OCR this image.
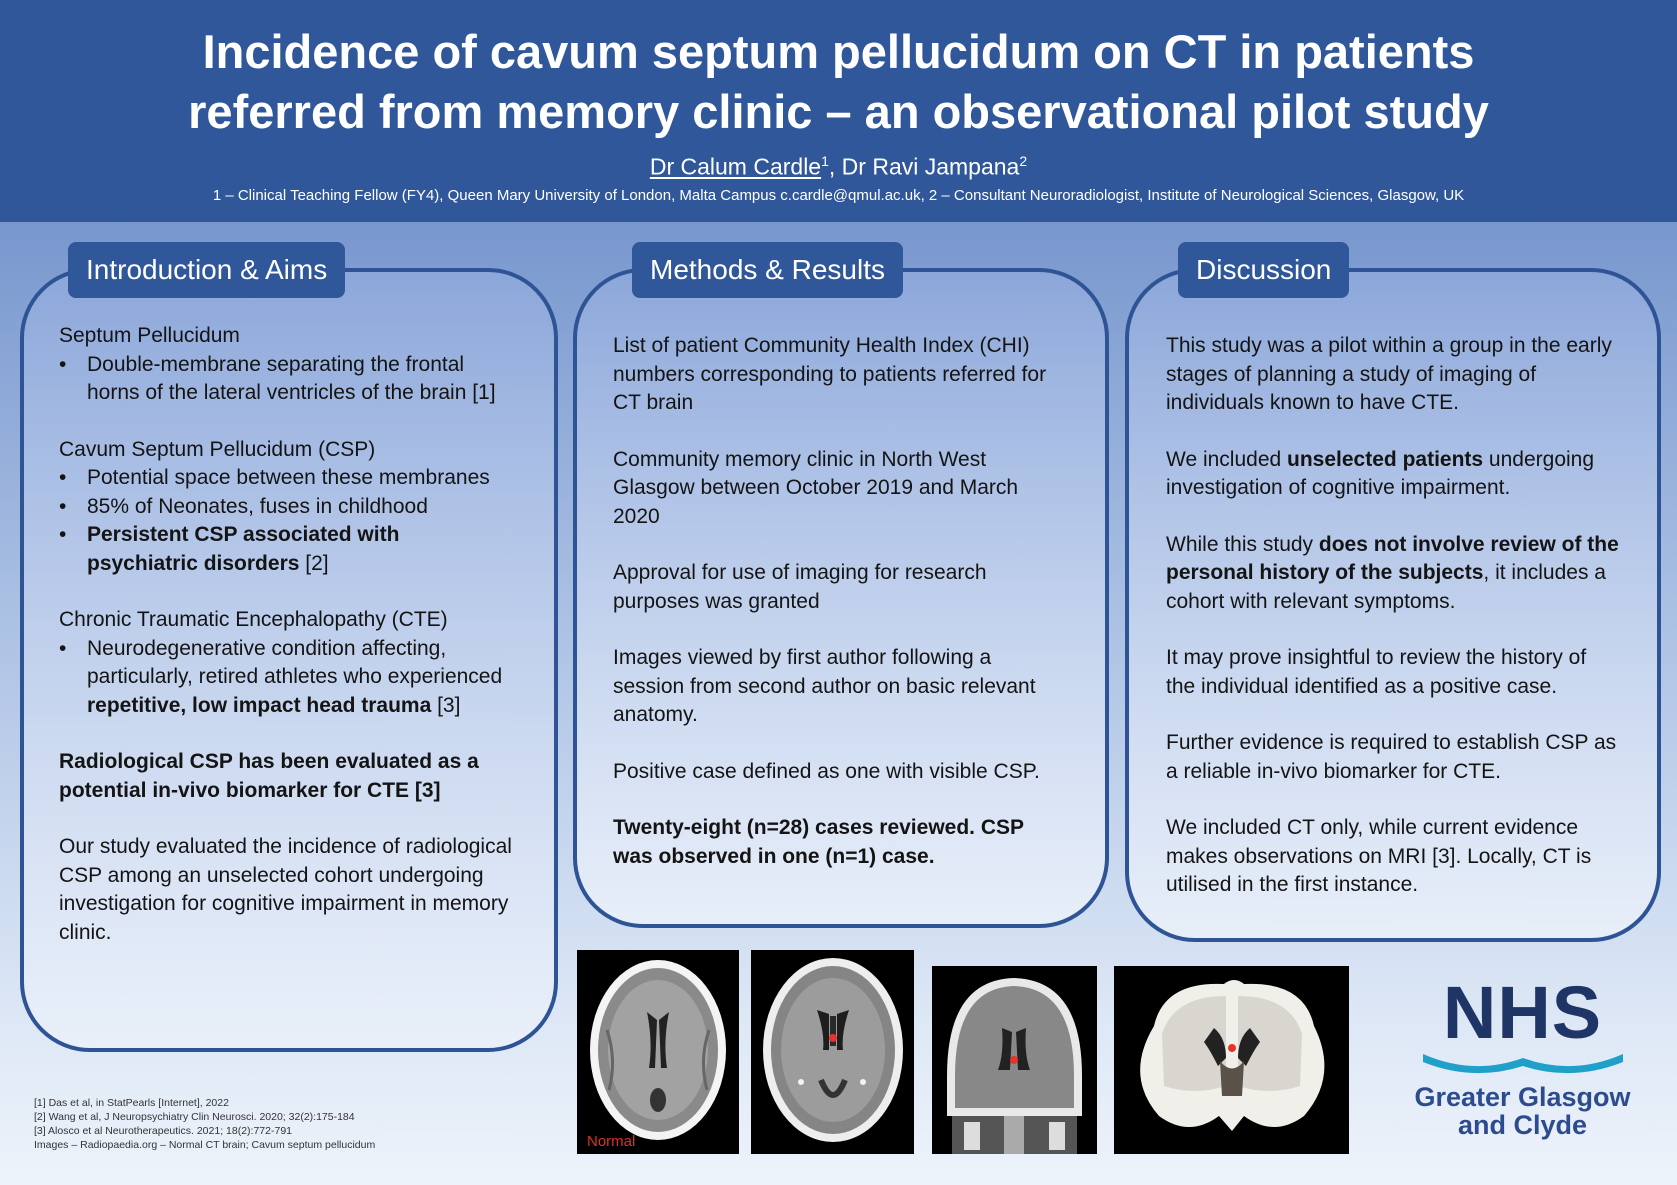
Incidence of cavum septum pellucidum on CT in patients
referred from memory clinic – an observational pilot study
Dr Calum Cardle$^1$, Dr Ravi Jampana$^2$
1 – Clinical Teaching Fellow (FY4), Queen Mary University of London, Malta Campus c.cardle@qmul.ac.uk, 2 – Consultant Neuroradiologist, Institute of Neurological Sciences, Glasgow, UK
Introduction & Aims

Septum Pellucidum

• Double-membrane separating the frontal horns of the lateral ventricles of the brain [1]

Cavum Septum Pellucidum (CSP)

• Potential space between these membranes
• 85% of Neonates, fuses in childhood
• Persistent CSP associated with psychiatric disorders [2]

Chronic Traumatic Encephalopathy (CTE)

• Neurodegenerative condition affecting, particularly, retired athletes who experienced repetitive, low impact head trauma [3]

Radiological CSP has been evaluated as a potential in-vivo biomarker for CTE [3]

Our study evaluated the incidence of radiological CSP among an unselected cohort undergoing investigation for cognitive impairment in memory clinic.

Methods & Results

List of patient Community Health Index (CHI) numbers corresponding to patients referred for CT brain

Community memory clinic in North West Glasgow between October 2019 and March 2020

Approval for use of imaging for research purposes was granted

Images viewed by first author following a session from second author on basic relevant anatomy.

Positive case defined as one with visible CSP.

Twenty-eight (n=28) cases reviewed. CSP was observed in one (n=1) case.

Discussion

This study was a pilot within a group in the early stages of planning a study of imaging of individuals known to have CTE.

We included unselected patients undergoing investigation of cognitive impairment.

While this study does not involve review of the personal history of the subjects, it includes a cohort with relevant symptoms.

It may prove insightful to review the history of the individual identified as a positive case.

Further evidence is required to establish CSP as a reliable in-vivo biomarker for CTE.

We included CT only, while current evidence makes observations on MRI [3]. Locally, CT is utilised in the first instance.

Normal
[1] Das et al, in StatPearls [Internet], 2022
[2] Wang et al, J Neuropsychiatry Clin Neurosci. 2020; 32(2):175-184
[3] Alosco et al Neurotherapeutics. 2021; 18(2):772-791
Images – Radiopaedia.org – Normal CT brain; Cavum septum pellucidum
NHS
Greater Glasgow
and Clyde
